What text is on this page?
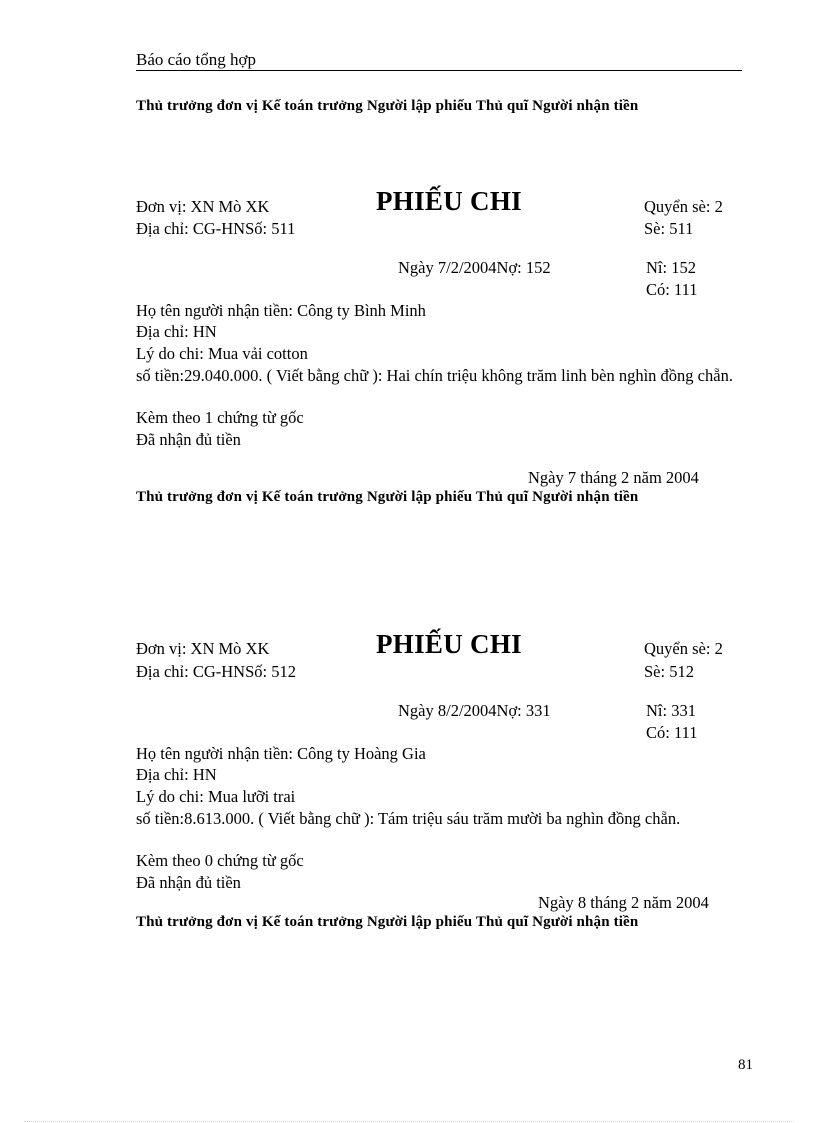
Báo cáo tổng hợp
Thủ trưởng đơn vị Kế toán trưởng Người lập phiếu Thủ quĩ Người nhận tiền
Đơn vị: XN Mò XK	PHIẾU CHI	Quyển sè: 2
Địa chỉ: CG-HNSố: 511	Sè: 511
Ngày 7/2/2004Nợ: 152	Nî: 152
Có: 111
Họ tên người nhận tiền: Công ty Bình Minh
Địa chỉ: HN
Lý do chi: Mua vải cotton
số tiền:29.040.000. ( Viết bằng chữ ): Hai chín triệu không trăm linh bèn nghìn đồng chẵn.
Kèm theo 1 chứng từ gốc
Đã nhận đủ tiền
Ngày 7 tháng 2 năm 2004
Thủ trưởng đơn vị Kế toán trưởng Người lập phiếu Thủ quĩ Người nhận tiền
Đơn vị: XN Mò XK	PHIẾU CHI	Quyển sè: 2
Địa chỉ: CG-HNSố: 512	Sè: 512
Ngày 8/2/2004Nợ: 331	Nî: 331
Có: 111
Họ tên người nhận tiền: Công ty Hoàng Gia
Địa chỉ: HN
Lý do chi: Mua lưỡi trai
số tiền:8.613.000. ( Viết bằng chữ ): Tám triệu sáu trăm mười ba nghìn đồng chẵn.
Kèm theo 0 chứng từ gốc
Đã nhận đủ tiền
Ngày 8 tháng 2 năm 2004
Thủ trưởng đơn vị Kế toán trưởng Người lập phiếu Thủ quĩ Người nhận tiền
81
